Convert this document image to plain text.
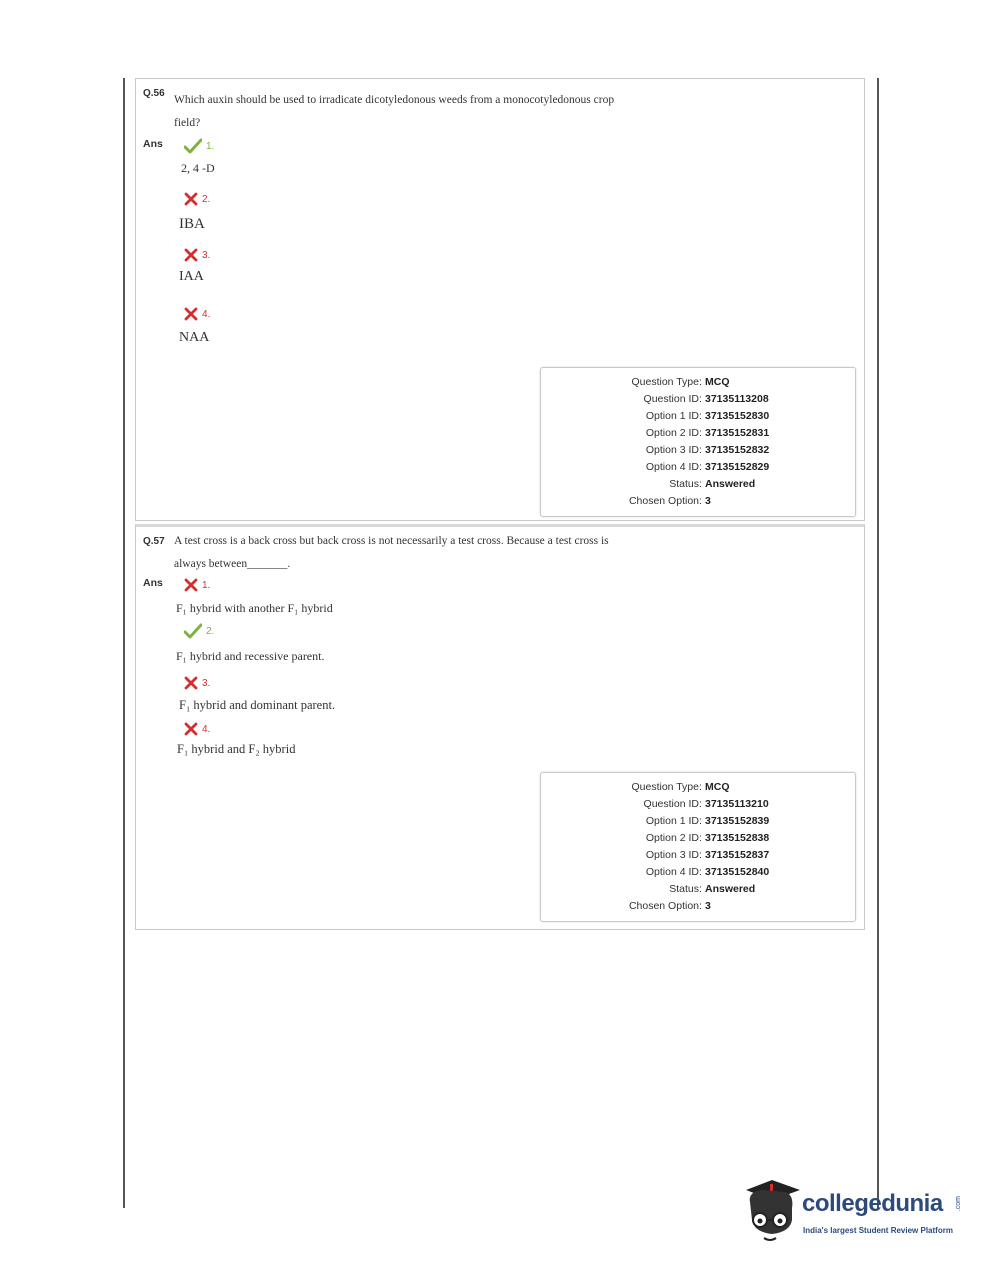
Q.56
Which auxin should be used to irradicate dicotyledonous weeds from a monocotyledonous crop field?
Ans	1.
2, 4 -D
2.
IBA
3.
IAA
4.
NAA
Question Type : MCQ
Question ID : 37135113208
Option 1 ID : 37135152830
Option 2 ID : 37135152831
Option 3 ID : 37135152832
Option 4 ID : 37135152829
Status : Answered
Chosen Option : 3
Q.57 A test cross is a back cross but back cross is not necessarily a test cross. Because a test cross is always between_______.
Ans	1.
F₁ hybrid with another F₁ hybrid
2.
F₁ hybrid and recessive parent.
3.
F₁ hybrid and dominant parent.
4.
F₁ hybrid and F₂ hybrid
Question Type : MCQ
Question ID : 37135113210
Option 1 ID : 37135152839
Option 2 ID : 37135152838
Option 3 ID : 37135152837
Option 4 ID : 37135152840
Status : Answered
Chosen Option : 3
collegedunia .com
India's largest Student Review Platform
